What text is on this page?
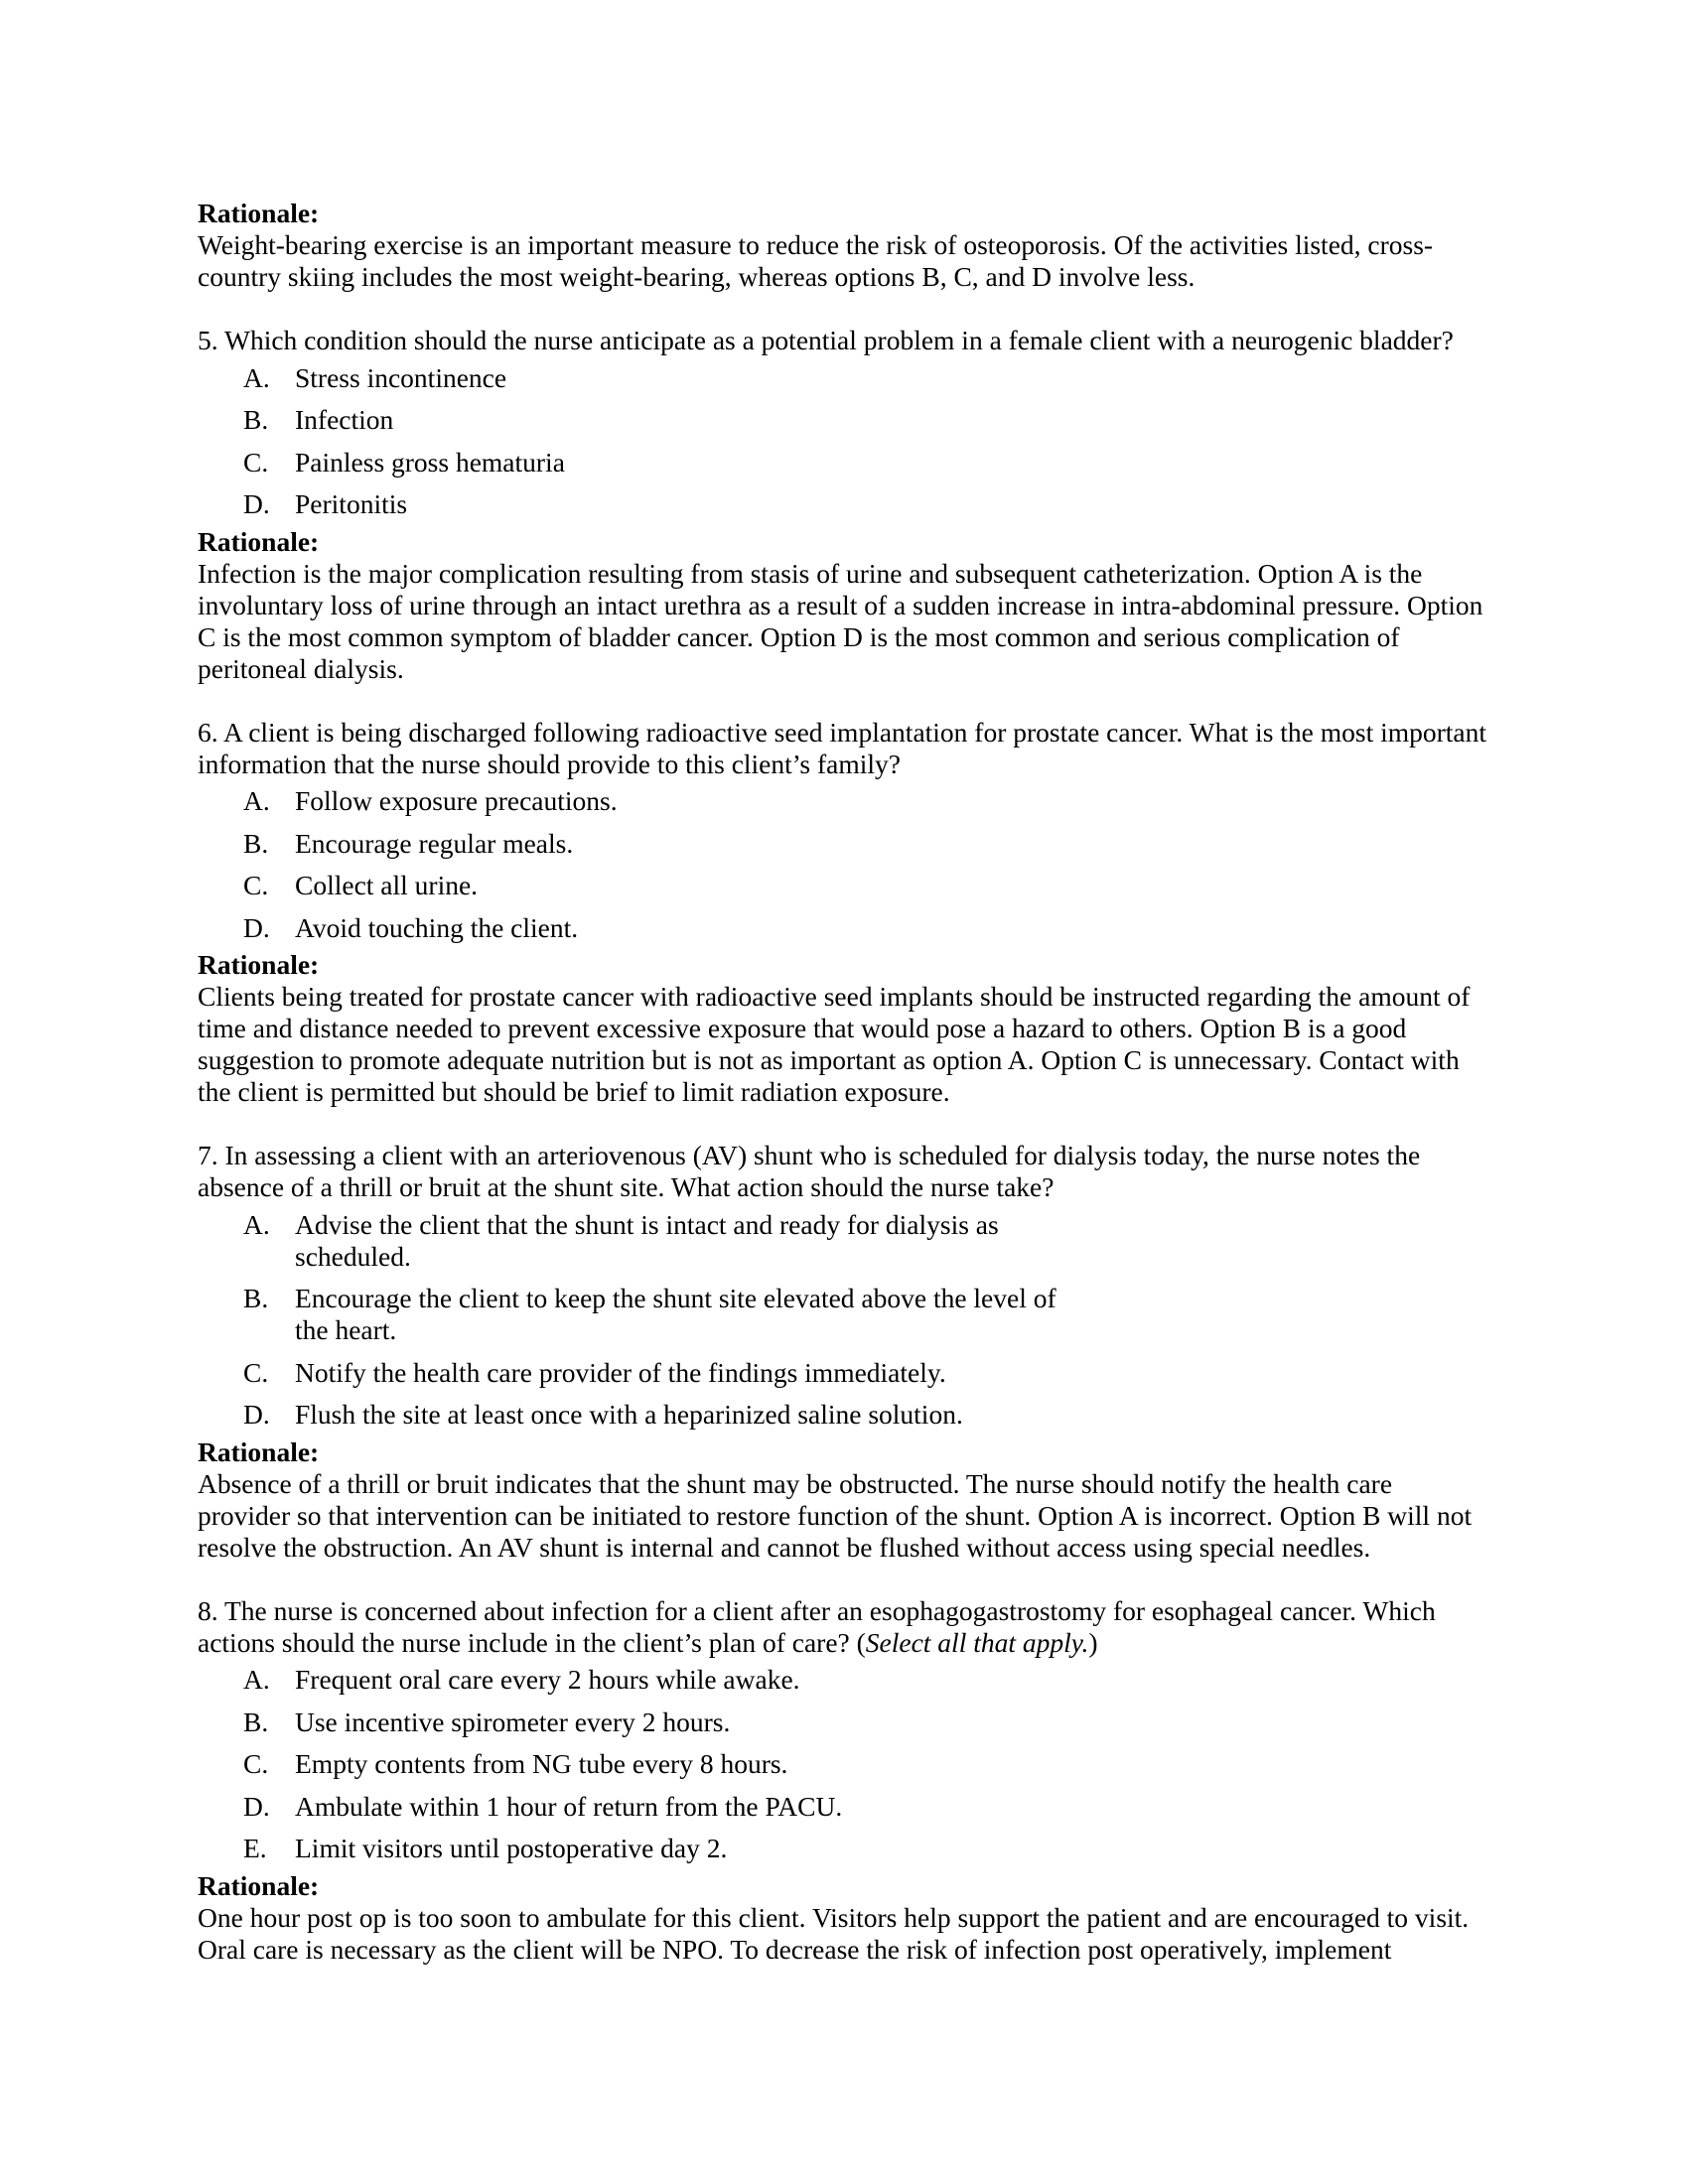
Rationale:

Weight-bearing exercise is an important measure to reduce the risk of osteoporosis. Of the activities listed, cross-country skiing includes the most weight-bearing, whereas options B, C, and D involve less.

5. Which condition should the nurse anticipate as a potential problem in a female client with a neurogenic bladder?

A. Stress incontinence
B. Infection
C. Painless gross hematuria
D. Peritonitis
Rationale:

Infection is the major complication resulting from stasis of urine and subsequent catheterization. Option A is the involuntary loss of urine through an intact urethra as a result of a sudden increase in intra-abdominal pressure. Option C is the most common symptom of bladder cancer. Option D is the most common and serious complication of peritoneal dialysis.

6. A client is being discharged following radioactive seed implantation for prostate cancer. What is the most important information that the nurse should provide to this client’s family?

A. Follow exposure precautions.
B. Encourage regular meals.
C. Collect all urine.
D. Avoid touching the client.
Rationale:

Clients being treated for prostate cancer with radioactive seed implants should be instructed regarding the amount of time and distance needed to prevent excessive exposure that would pose a hazard to others. Option B is a good suggestion to promote adequate nutrition but is not as important as option A. Option C is unnecessary. Contact with the client is permitted but should be brief to limit radiation exposure.

7. In assessing a client with an arteriovenous (AV) shunt who is scheduled for dialysis today, the nurse notes the absence of a thrill or bruit at the shunt site. What action should the nurse take?

A. Advise the client that the shunt is intact and ready for dialysis as scheduled.
B. Encourage the client to keep the shunt site elevated above the level of the heart.
C. Notify the health care provider of the findings immediately.
D. Flush the site at least once with a heparinized saline solution.
Rationale:

Absence of a thrill or bruit indicates that the shunt may be obstructed. The nurse should notify the health care provider so that intervention can be initiated to restore function of the shunt. Option A is incorrect. Option B will not resolve the obstruction. An AV shunt is internal and cannot be flushed without access using special needles.

8. The nurse is concerned about infection for a client after an esophagogastrostomy for esophageal cancer. Which actions should the nurse include in the client’s plan of care? (Select all that apply.)

A. Frequent oral care every 2 hours while awake.
B. Use incentive spirometer every 2 hours.
C. Empty contents from NG tube every 8 hours.
D. Ambulate within 1 hour of return from the PACU.
E.	Limit visitors until postoperative day 2.
Rationale:

One hour post op is too soon to ambulate for this client. Visitors help support the patient and are encouraged to visit. Oral care is necessary as the client will be NPO. To decrease the risk of infection post operatively, implement
